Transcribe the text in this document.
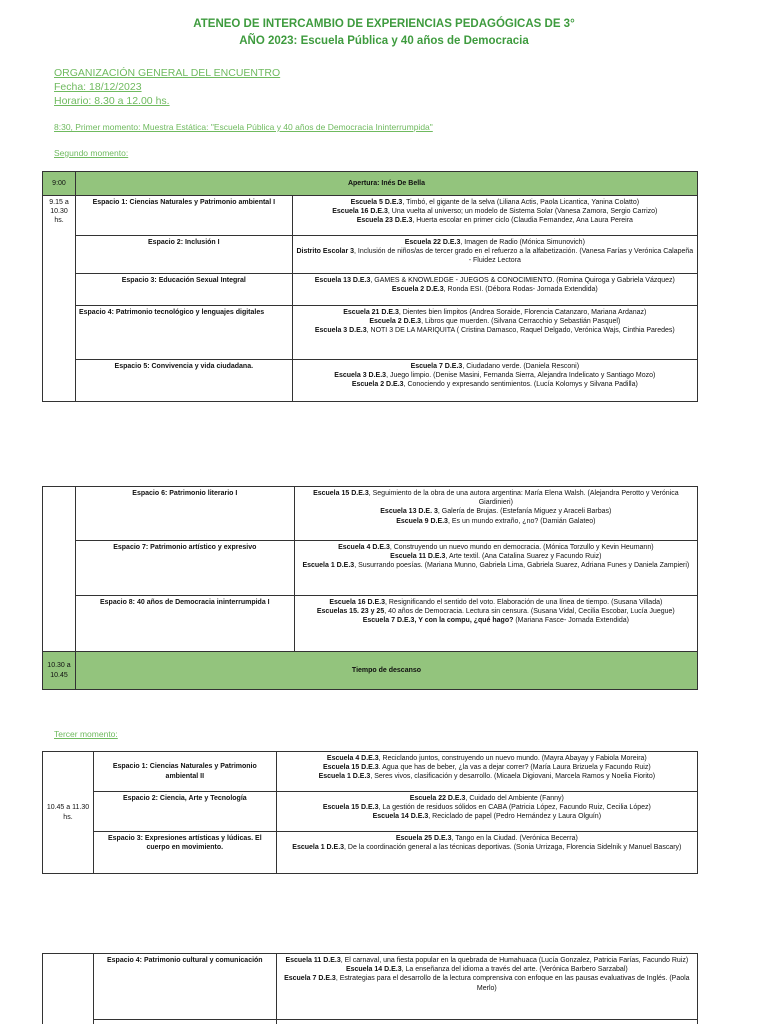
ATENEO DE INTERCAMBIO DE EXPERIENCIAS PEDAGÓGICAS DE 3°
AÑO 2023: Escuela Pública y 40 años de Democracia
ORGANIZACIÓN GENERAL DEL ENCUENTRO
Fecha: 18/12/2023
Horario: 8.30 a 12.00 hs.
8:30, Primer momento: Muestra Estática: "Escuela Pública y 40 años de Democracia Ininterrumpida"
Segundo momento:
9:00	Apertura: Inés De Bella	
9.15 a 10.30 hs.	Espacio 1: Ciencias Naturales y Patrimonio ambiental I	Escuela 5 D.E.3, Timbó, el gigante de la selva (Liliana Actis, Paola Licantica, Yanina Colatto)
Escuela 16 D.E.3, Una vuelta al universo; un modelo de Sistema Solar (Vanesa Zamora, Sergio Carrizo)
Escuela 23 D.E.3, Huerta escolar en primer ciclo (Claudia Fernandez, Ana Laura Pereira

	Espacio 2: Inclusión I	Escuela 22 D.E.3, Imagen de Radio (Mónica Simunovich)
Distrito Escolar 3, Inclusión de niños/as de tercer grado en el refuerzo a la alfabetización. (Vanesa Farías y Verónica Calapeña - Fluidez Lectora

	Espacio 3: Educación Sexual Integral	Escuela 13 D.E.3, GAMES & KNOWLEDGE - JUEGOS & CONOCIMIENTO. (Romina Quiroga y Gabriela Vázquez)
Escuela 2 D.E.3, Ronda ESI. (Débora Rodas- Jornada Extendida)

	Espacio 4: Patrimonio tecnológico y lenguajes digitales	Escuela 21 D.E.3, Dientes bien limpitos (Andrea Soraide, Florencia Catanzaro, Mariana Ardanaz)
Escuela 2 D.E.3, Libros que muerden. (Silvana Cerracchio y Sebastián Pasquel)
Escuela 3 D.E.3, NOTI 3 DE LA MARIQUITA ( Cristina Damasco, Raquel Delgado, Verónica Wajs, Cinthia Paredes)

	Espacio 5: Convivencia y vida ciudadana.	Escuela 7 D.E.3, Ciudadano verde. (Daniela Resconi)
Escuela 3 D.E.3, Juego limpio. (Denise Masini, Fernanda Sierra, Alejandra Indelicato y Santiago Mozo)
Escuela 2 D.E.3, Conociendo y expresando sentimientos. (Lucía Kolomys y Silvana Padilla)
	Espacio 6: Patrimonio literario I	Escuela 15 D.E.3, Seguimiento de la obra de una autora argentina: María Elena Walsh. (Alejandra Perotto y Verónica Giardinieri)
Escuela 13 D.E. 3, Galería de Brujas. (Estefanía Miguez y Araceli Barbas)
Escuela 9 D.E.3, Es un mundo extraño, ¿no? (Damián Galateo)

	Espacio 7: Patrimonio artístico y expresivo	Escuela 4 D.E.3, Construyendo un nuevo mundo en democracia. (Mónica Torzullo y Kevin Heumann)
Escuela 11 D.E.3, Arte textil. (Ana Catalina Suarez y Facundo Ruiz)
Escuela 1 D.E.3, Susurrando poesías. (Mariana Munno, Gabriela Lima, Gabriela Suarez, Adriana Funes y Daniela Zampieri)

	Espacio 8: 40 años de Democracia ininterrumpida I	Escuela 16 D.E.3, Resignificando el sentido del voto. Elaboración de una línea de tiempo. (Susana Villada)
Escuelas 15. 23 y 25, 40 años de Democracia. Lectura sin censura. (Susana Vidal, Cecilia Escobar, Lucía Juegue)
Escuela 7 D.E.3, Y con la compu, ¿qué hago? (Mariana Fasce- Jornada Extendida)

10.30 a 10.45	Tiempo de descanso	
Tercer momento:
10.45 a 11.30 hs.	Espacio 1: Ciencias Naturales y Patrimonio ambiental II	Escuela 4 D.E.3, Reciclando juntos, construyendo un nuevo mundo. (Mayra Abayay y Fabiola Moreira)
Escuela 15 D.E.3. Agua que has de beber, ¿la vas a dejar correr? (María Laura Brizuela y Facundo Ruiz)
Escuela 1 D.E.3, Seres vivos, clasificación y desarrollo. (Micaela Digiovani, Marcela Ramos y Noelia Fiorito)

	Espacio 2: Ciencia, Arte y Tecnología	Escuela 22 D.E.3, Cuidado del Ambiente (Fanny)
Escuela 15 D.E.3, La gestión de residuos sólidos en CABA (Patricia López, Facundo Ruiz, Cecilia López)
Escuela 14 D.E.3, Reciclado de papel (Pedro Hernández y Laura Olguín)

	Espacio 3: Expresiones artísticas y lúdicas. El cuerpo en movimiento.	Escuela 25 D.E.3, Tango en la Ciudad. (Verónica Becerra)
Escuela 1 D.E.3, De la coordinación general a las técnicas deportivas. (Sonia Urrizaga, Florencia Sidelnik y Manuel Bascary)
	Espacio 4: Patrimonio cultural y comunicación	Escuela 11 D.E.3, El carnaval, una fiesta popular en la quebrada de Humahuaca (Lucía Gonzalez, Patricia Farías, Facundo Ruiz)
Escuela 14 D.E.3, La enseñanza del idioma a través del arte. (Verónica Barbero Sarzabal)
Escuela 7 D.E.3, Estrategias para el desarrollo de la lectura comprensiva con enfoque en las pausas evaluativas de Inglés. (Paola Merlo)
